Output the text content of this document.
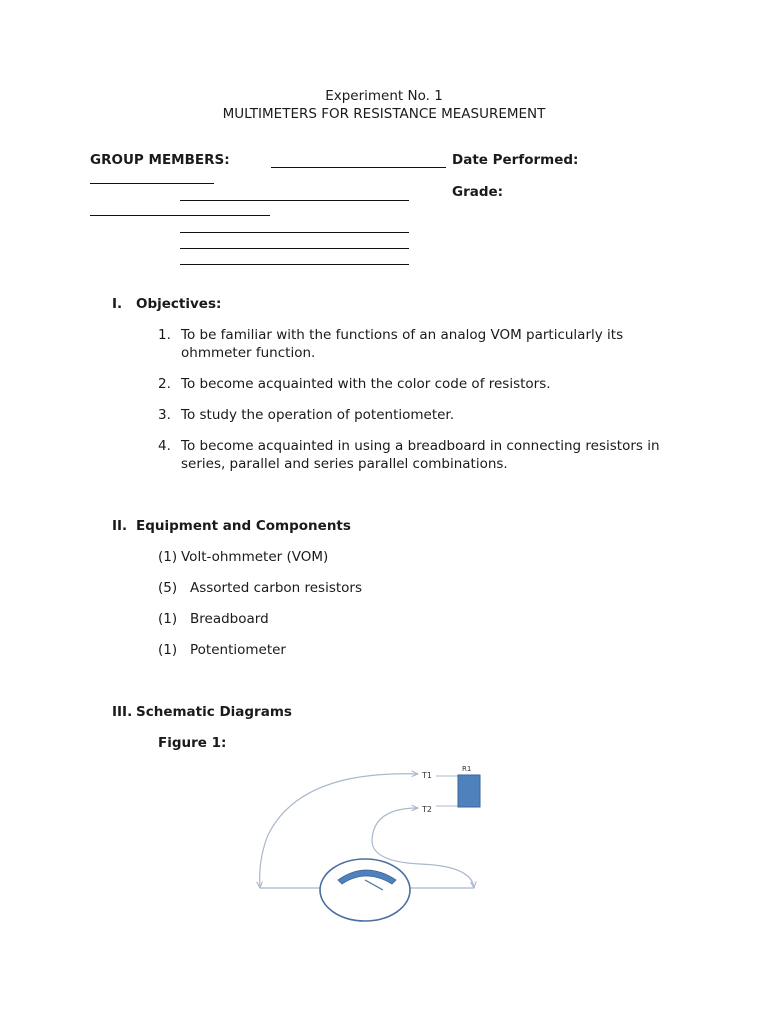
Experiment No. 1
MULTIMETERS FOR RESISTANCE MEASUREMENT
GROUP MEMBERS:	Date Performed:
Grade:
I. Objectives:
1. To be familiar with the functions of an analog VOM particularly its
ohmmeter function.
2. To become acquainted with the color code of resistors.
3. To study the operation of potentiometer.
4. To become acquainted in using a breadboard in connecting resistors in
series, parallel and series parallel combinations.
II. Equipment and Components
(1) Volt-ohmmeter (VOM)
(5) Assorted carbon resistors
(1) Breadboard
(1) Potentiometer
III. Schematic Diagrams
Figure 1:
T1
T2
R1
